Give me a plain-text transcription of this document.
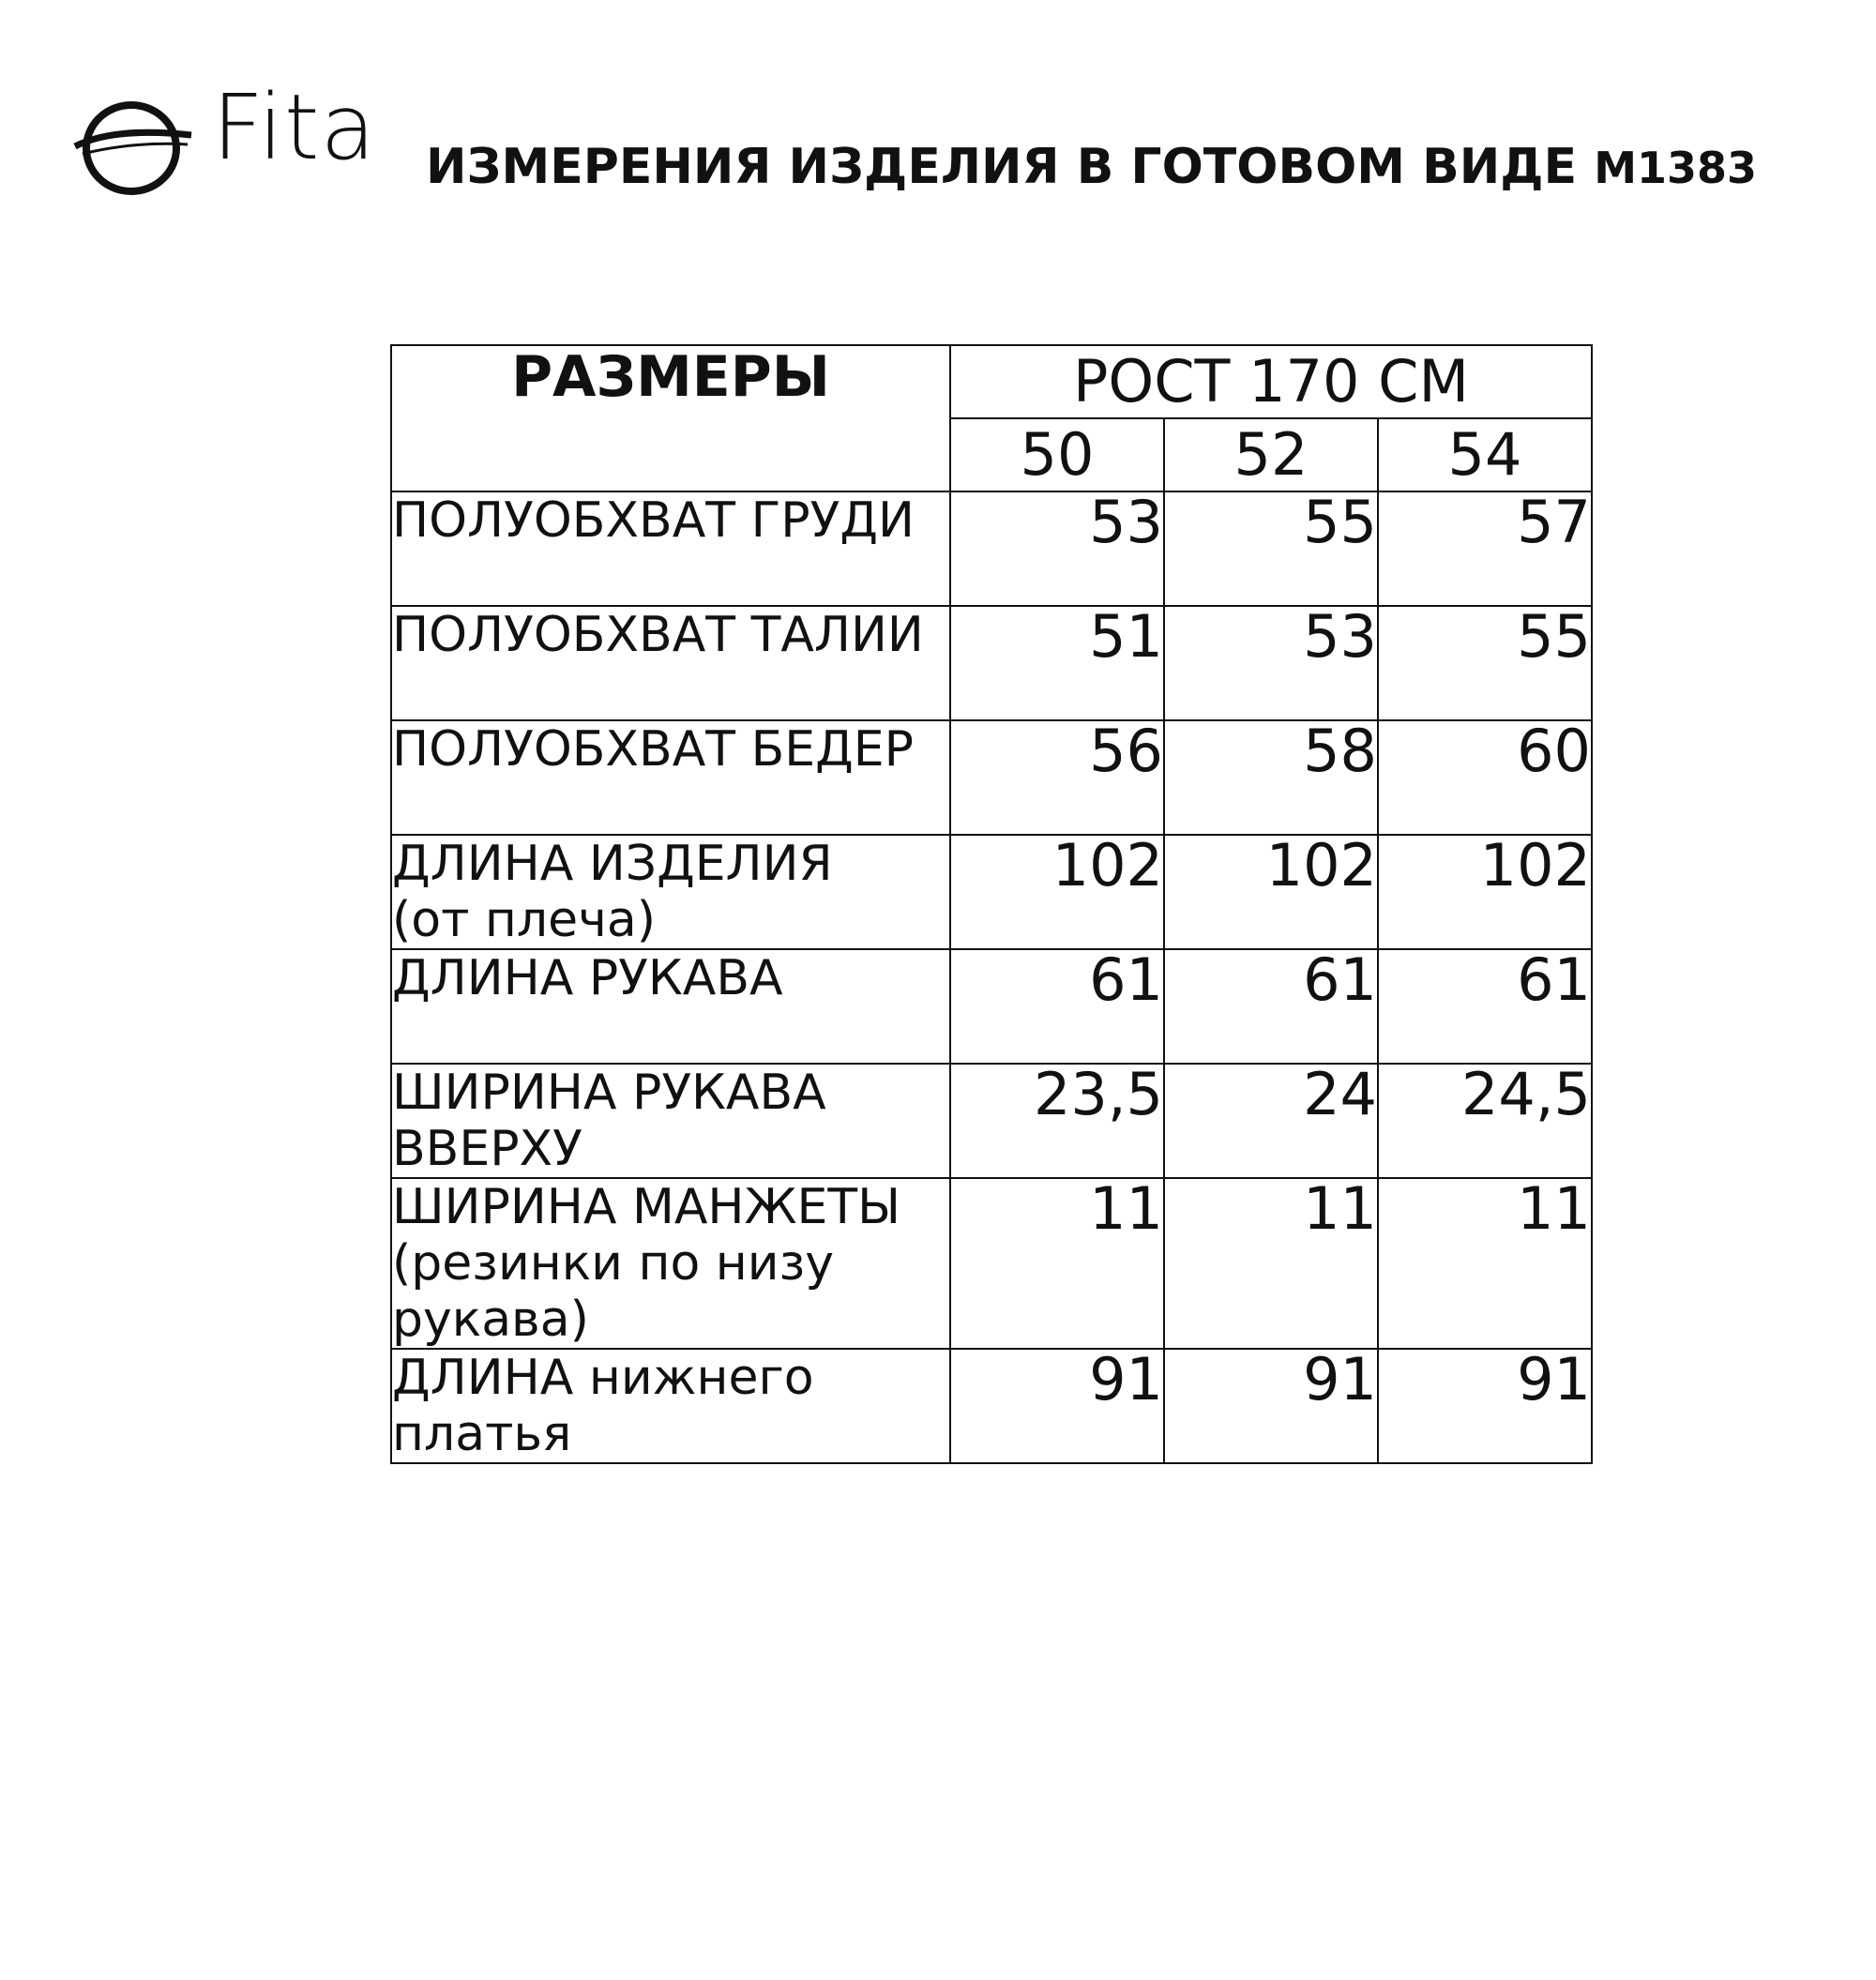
Fita ИЗМЕРЕНИЯ ИЗДЕЛИЯ В ГОТОВОМ ВИДЕ M1383
РАЗМЕРЫ	РОСТ 170 СМ		
	50	52	54
ПОЛУОБХВАТ ГРУДИ	53	55	57
ПОЛУОБХВАТ ТАЛИИ	51	53	55
ПОЛУОБХВАТ БЕДЕР	56	58	60
ДЛИНА ИЗДЕЛИЯ
(от плеча)	102	102	102
ДЛИНА РУКАВА	61	61	61
ШИРИНА РУКАВА
ВВЕРХУ	23,5	24	24,5
ШИРИНА МАНЖЕТЫ
(резинки по низу
рукава)	11	11	11
ДЛИНА нижнего
платья	91	91	91
